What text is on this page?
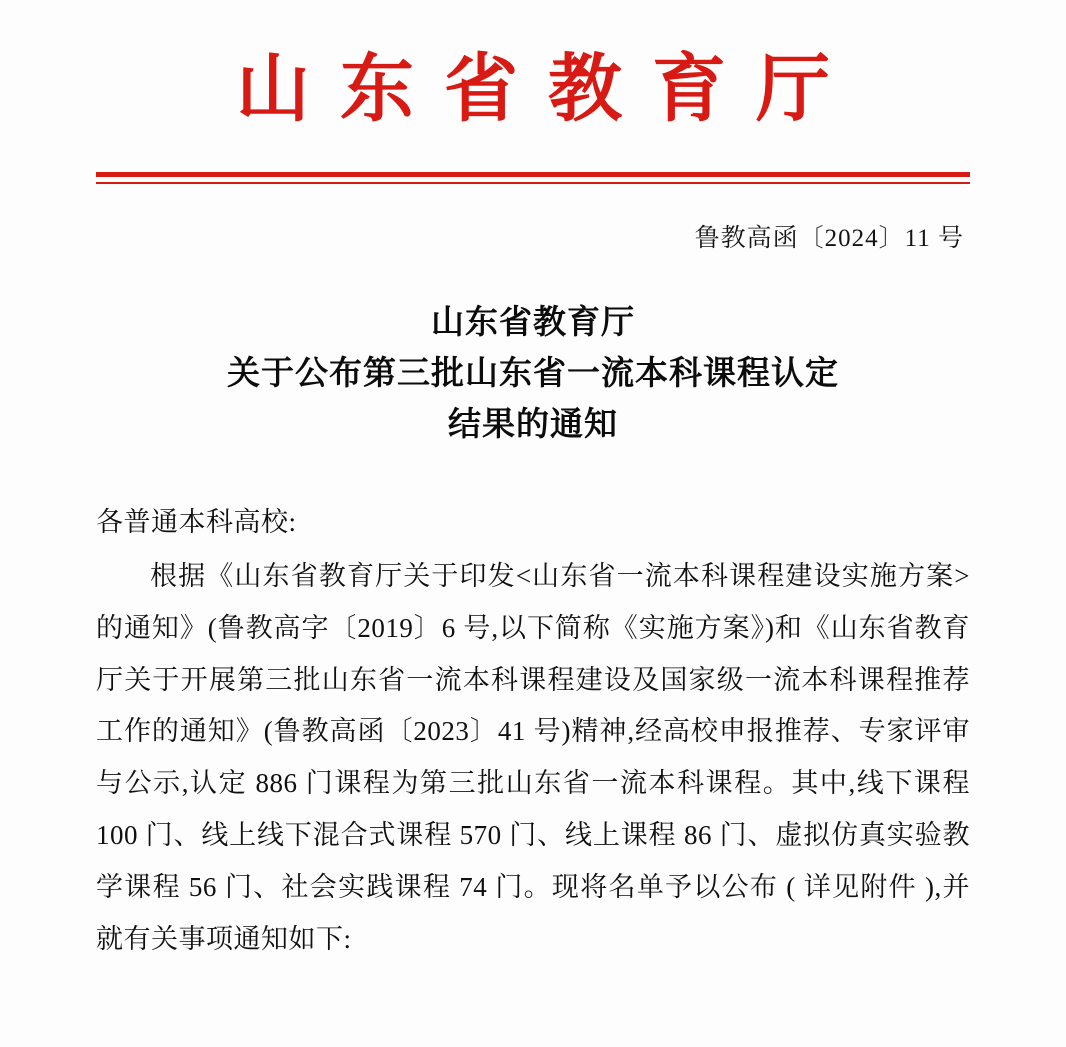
山东省教育厅
鲁教高函〔2024〕11 号
山东省教育厅
关于公布第三批山东省一流本科课程认定
结果的通知

各普通本科高校:

根据《山东省教育厅关于印发<山东省一流本科课程建设实施方案>的通知》(鲁教高字〔2019〕6 号,以下简称《实施方案》)和《山东省教育厅关于开展第三批山东省一流本科课程建设及国家级一流本科课程推荐工作的通知》(鲁教高函〔2023〕41 号)精神,经高校申报推荐、专家评审与公示,认定 886 门课程为第三批山东省一流本科课程。其中,线下课程 100 门、线上线下混合式课程 570 门、线上课程 86 门、虚拟仿真实验教学课程 56 门、社会实践课程 74 门。现将名单予以公布 ( 详见附件 ),并就有关事项通知如下:
